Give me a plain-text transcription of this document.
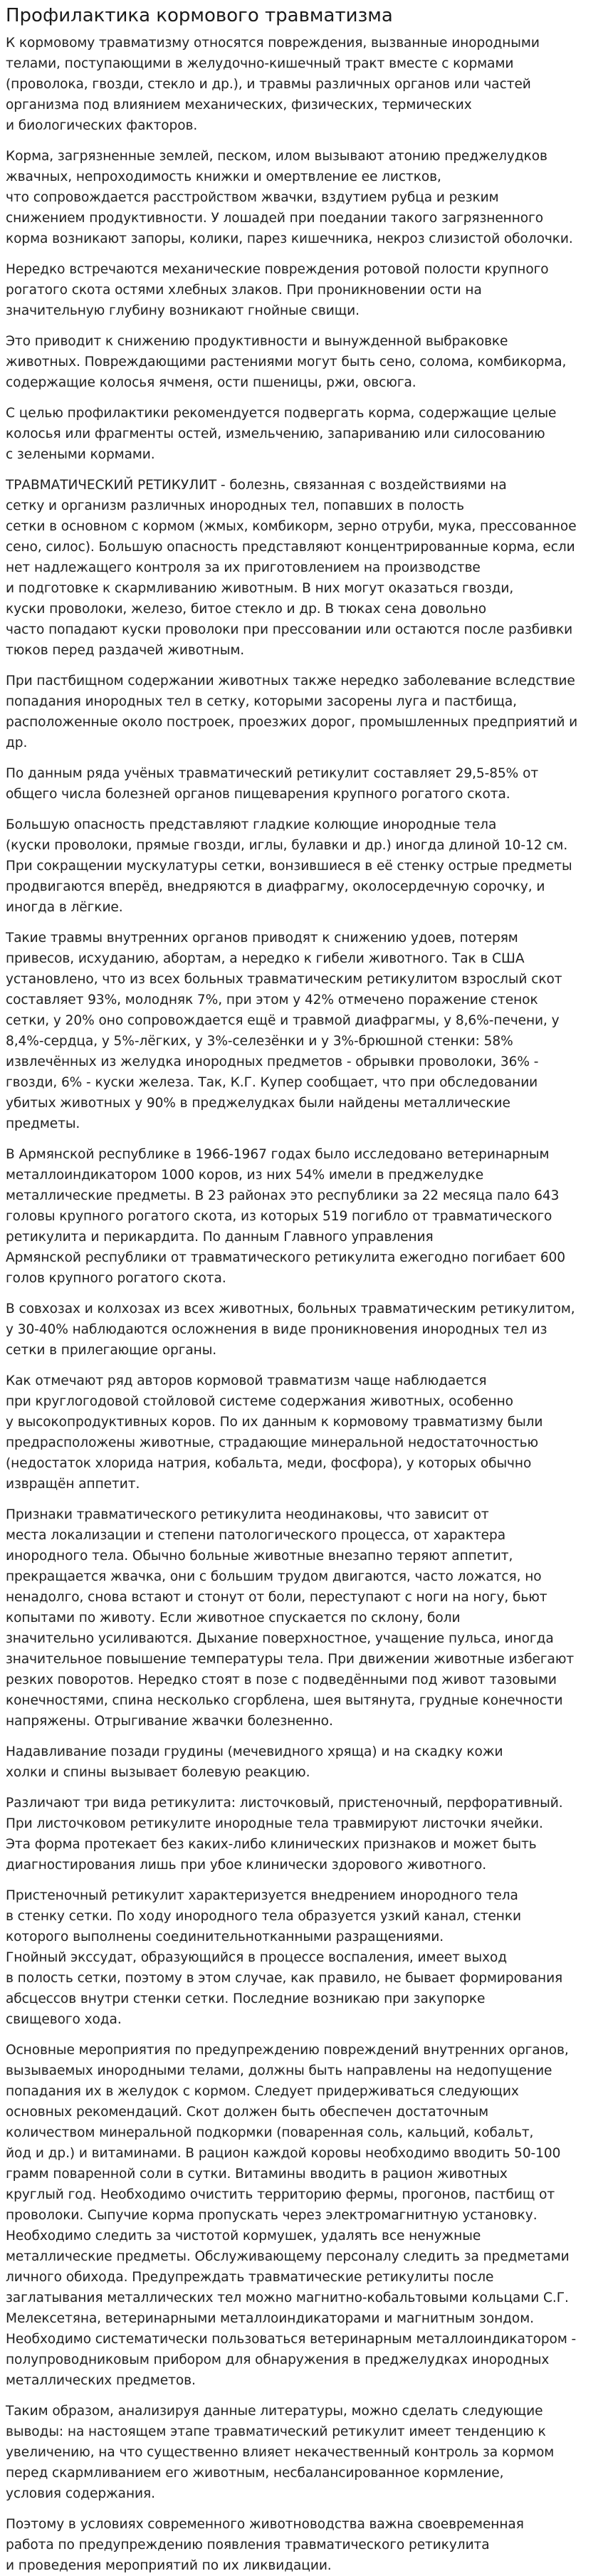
Профилактика кормового травматизма

К кормовому травматизму относятся повреждения, вызванные инородными
телами, поступающими в желудочно-кишечный тракт вместе с кормами
(проволока, гвозди, стекло и др.), и травмы различных органов или частей
организма под влиянием механических, физических, термических
и биологических факторов.

Корма, загрязненные землей, песком, илом вызывают атонию преджелудков
жвачных, непроходимость книжки и омертвление ее листков,
что сопровождается расстройством жвачки, вздутием рубца и резким
снижением продуктивности. У лошадей при поедании такого загрязненного
корма возникают запоры, колики, парез кишечника, некроз слизистой оболочки.

Нередко встречаются механические повреждения ротовой полости крупного
рогатого скота остями хлебных злаков. При проникновении ости на
значительную глубину возникают гнойные свищи.

Это приводит к снижению продуктивности и вынужденной выбраковке
животных. Повреждающими растениями могут быть сено, солома, комбикорма,
содержащие колосья ячменя, ости пшеницы, ржи, овсюга.

С целью профилактики рекомендуется подвергать корма, содержащие целые
колосья или фрагменты остей, измельчению, запариванию или силосованию
с зелеными кормами.

ТРАВМАТИЧЕСКИЙ РЕТИКУЛИТ - болезнь, связанная с воздействиями на
сетку и организм различных инородных тел, попавших в полость
сетки в основном с кормом (жмых, комбикорм, зерно отруби, мука, прессованное
сено, силос). Большую опасность представляют концентрированные корма, если
нет надлежащего контроля за их приготовлением на производстве
и подготовке к скармливанию животным. В них могут оказаться гвозди,
куски проволоки, железо, битое стекло и др. В тюках сена довольно
часто попадают куски проволоки при прессовании или остаются после разбивки
тюков перед раздачей животным.

При пастбищном содержании животных также нередко заболевание вследствие
попадания инородных тел в сетку, которыми засорены луга и пастбища,
расположенные около построек, проезжих дорог, промышленных предприятий и
др.

По данным ряда учёных травматический ретикулит составляет 29,5-85% от
общего числа болезней органов пищеварения крупного рогатого скота.

Большую опасность представляют гладкие колющие инородные тела
(куски проволоки, прямые гвозди, иглы, булавки и др.) иногда длиной 10-12 см.
При сокращении мускулатуры сетки, вонзившиеся в её стенку острые предметы
продвигаются вперёд, внедряются в диафрагму, околосердечную сорочку, и
иногда в лёгкие.

Такие травмы внутренних органов приводят к снижению удоев, потерям
привесов, исхуданию, абортам, а нередко к гибели животного. Так в США
установлено, что из всех больных травматическим ретикулитом взрослый скот
составляет 93%, молодняк 7%, при этом у 42% отмечено поражение стенок
сетки, у 20% оно сопровождается ещё и травмой диафрагмы, у 8,6%-печени, у
8,4%-сердца, у 5%-лёгких, у 3%-селезёнки и у 3%-брюшной стенки: 58%
извлечённых из желудка инородных предметов - обрывки проволоки, 36% -
гвозди, 6% - куски железа. Так, К.Г. Купер сообщает, что при обследовании
убитых животных у 90% в преджелудках были найдены металлические
предметы.

В Армянской республике в 1966-1967 годах было исследовано ветеринарным
металлоиндикатором 1000 коров, из них 54% имели в преджелудке
металлические предметы. В 23 районах это республики за 22 месяца пало 643
головы крупного рогатого скота, из которых 519 погибло от травматического
ретикулита и перикардита. По данным Главного управления
Армянской республики от травматического ретикулита ежегодно погибает 600
голов крупного рогатого скота.

В совхозах и колхозах из всех животных, больных травматическим ретикулитом,
у 30-40% наблюдаются осложнения в виде проникновения инородных тел из
сетки в прилегающие органы.

Как отмечают ряд авторов кормовой травматизм чаще наблюдается
при круглогодовой стойловой системе содержания животных, особенно
у высокопродуктивных коров. По их данным к кормовому травматизму были
предрасположены животные, страдающие минеральной недостаточностью
(недостаток хлорида натрия, кобальта, меди, фосфора), у которых обычно
извращён аппетит.

Признаки травматического ретикулита неодинаковы, что зависит от
места локализации и степени патологического процесса, от характера
инородного тела. Обычно больные животные внезапно теряют аппетит,
прекращается жвачка, они с большим трудом двигаются, часто ложатся, но
ненадолго, снова встают и стонут от боли, переступают с ноги на ногу, бьют
копытами по животу. Если животное спускается по склону, боли
значительно усиливаются. Дыхание поверхностное, учащение пульса, иногда
значительное повышение температуры тела. При движении животные избегают
резких поворотов. Нередко стоят в позе с подведёнными под живот тазовыми
конечностями, спина несколько сгорблена, шея вытянута, грудные конечности
напряжены. Отрыгивание жвачки болезненно.

Надавливание позади грудины (мечевидного хряща) и на скадку кожи
холки и спины вызывает болевую реакцию.

Различают три вида ретикулита: листочковый, пристеночный, перфоративный.
При листочковом ретикулите инородные тела травмируют листочки ячейки.
Эта форма протекает без каких-либо клинических признаков и может быть
диагностирования лишь при убое клинически здорового животного.

Пристеночный ретикулит характеризуется внедрением инородного тела
в стенку сетки. По ходу инородного тела образуется узкий канал, стенки
которого выполнены соединительнотканными разращениями.
Гнойный экссудат, образующийся в процессе воспаления, имеет выход
в полость сетки, поэтому в этом случае, как правило, не бывает формирования
абсцессов внутри стенки сетки. Последние возникаю при закупорке
свищевого хода.

Основные мероприятия по предупреждению повреждений внутренних органов,
вызываемых инородными телами, должны быть направлены на недопущение
попадания их в желудок с кормом. Следует придерживаться следующих
основных рекомендаций. Скот должен быть обеспечен достаточным
количеством минеральной подкормки (поваренная соль, кальций, кобальт,
йод и др.) и витаминами. В рацион каждой коровы необходимо вводить 50-100
грамм поваренной соли в сутки. Витамины вводить в рацион животных
круглый год. Необходимо очистить территорию фермы, прогонов, пастбищ от
проволоки. Сыпучие корма пропускать через электромагнитную установку.
Необходимо следить за чистотой кормушек, удалять все ненужные
металлические предметы. Обслуживающему персоналу следить за предметами
личного обихода. Предупреждать травматические ретикулиты после
заглатывания металлических тел можно магнитно-кобальтовыми кольцами С.Г.
Мелексетяна, ветеринарными металлоиндикаторами и магнитным зондом.
Необходимо систематически пользоваться ветеринарным металлоиндикатором -
полупроводниковым прибором для обнаружения в преджелудках инородных
металлических предметов.

Таким образом, анализируя данные литературы, можно сделать следующие
выводы: на настоящем этапе травматический ретикулит имеет тенденцию к
увеличению, на что существенно влияет некачественный контроль за кормом
перед скармливанием его животным, несбалансированное кормление,
условия содержания.

Поэтому в условиях современного животноводства важна своевременная
работа по предупреждению появления травматического ретикулита
и проведения мероприятий по их ликвидации.
